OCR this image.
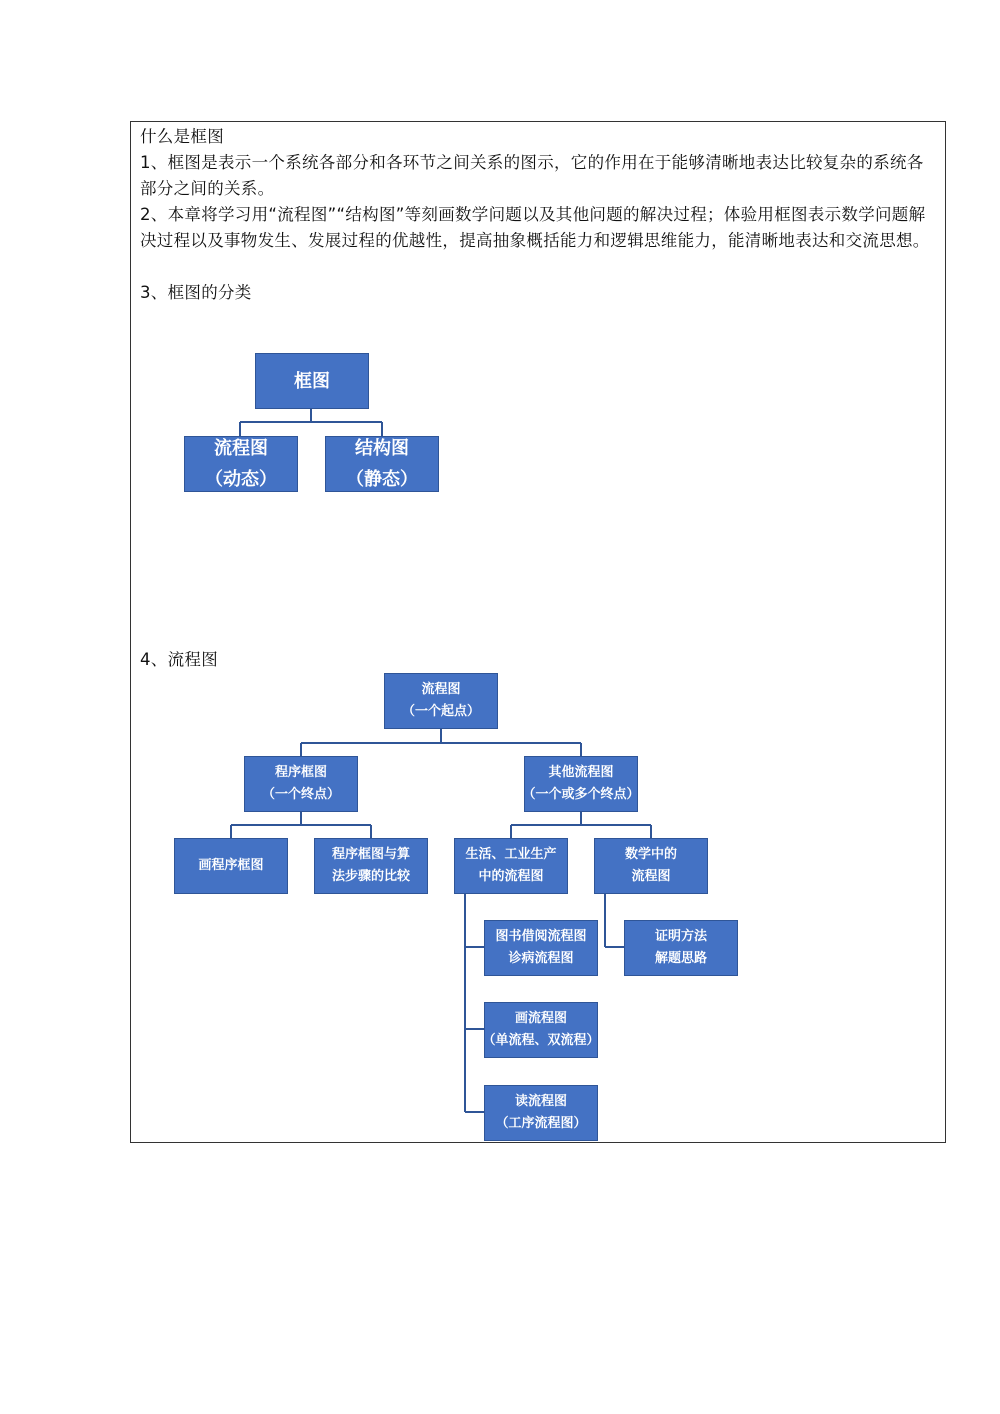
什么是框图

1、框图是表示一个系统各部分和各环节之间关系的图示，它的作用在于能够清晰地表达比较复杂的系统各部分之间的关系。

2、本章将学习用“流程图”“结构图”等刻画数学问题以及其他问题的解决过程；体验用框图表示数学问题解决过程以及事物发生、发展过程的优越性，提高抽象概括能力和逻辑思维能力，能清晰地表达和交流思想。

3、框图的分类

4、流程图

框图
流程图
（动态）
结构图
（静态）
流程图
（一个起点）
程序框图
（一个终点）
其他流程图
（一个或多个终点）
画程序框图
程序框图与算
法步骤的比较
生活、工业生产
中的流程图
数学中的
流程图
图书借阅流程图
诊病流程图
画流程图
（单流程、双流程）
读流程图
（工序流程图）
证明方法
解题思路
